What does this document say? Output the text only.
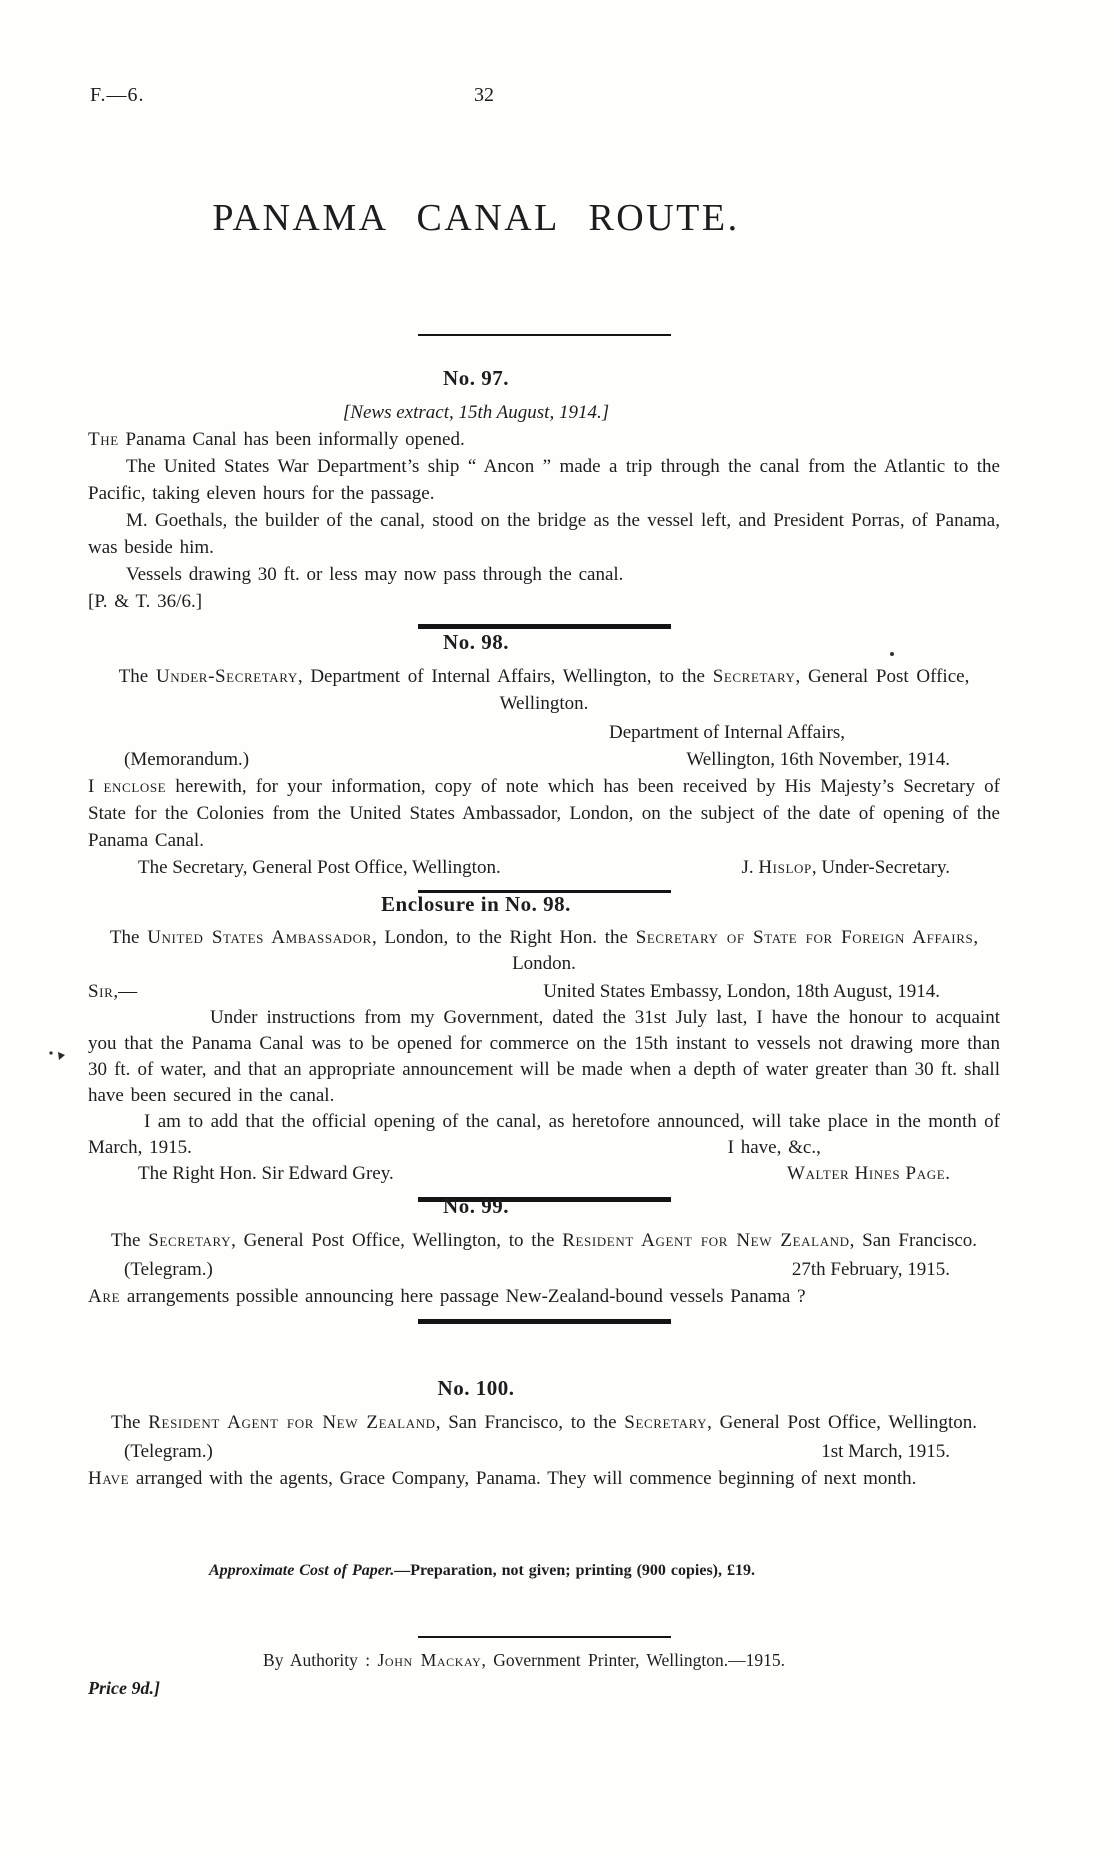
F.—6.	32
PANAMA CANAL ROUTE.
No. 97.
[News extract, 15th August, 1914.]

The Panama Canal has been informally opened.

The United States War Department’s ship “ Ancon ” made a trip through the canal from the Atlantic to the Pacific, taking eleven hours for the passage.

M. Goethals, the builder of the canal, stood on the bridge as the vessel left, and President Porras, of Panama, was beside him.

Vessels drawing 30 ft. or less may now pass through the canal.

[P. & T. 36/6.]

No. 98.
The Under-Secretary, Department of Internal Affairs, Wellington, to the Secretary, General Post Office, Wellington.
Department of Internal Affairs,
(Memorandum.)	Wellington, 16th November, 1914.

I enclose herewith, for your information, copy of note which has been received by His Majesty’s Secretary of State for the Colonies from the United States Ambassador, London, on the subject of the date of opening of the Panama Canal.

The Secretary, General Post Office, Wellington.	J. Hislop, Under-Secretary.
Enclosure in No. 98.
The United States Ambassador, London, to the Right Hon. the Secretary of State for Foreign Affairs, London.
Sir,—	United States Embassy, London, 18th August, 1914.

Under instructions from my Government, dated the 31st July last, I have the honour to acquaint you that the Panama Canal was to be opened for commerce on the 15th instant to vessels not drawing more than 30 ft. of water, and that an appropriate announcement will be made when a depth of water greater than 30 ft. shall have been secured in the canal.

I am to add that the official opening of the canal, as heretofore announced, will take place in the month of March, 1915.	I have, &c.,

The Right Hon. Sir Edward Grey.	Walter Hines Page.
No. 99.
The Secretary, General Post Office, Wellington, to the Resident Agent for New Zealand, San Francisco.
(Telegram.)	27th February, 1915.

Are arrangements possible announcing here passage New-Zealand-bound vessels Panama ?

No. 100.
The Resident Agent for New Zealand, San Francisco, to the Secretary, General Post Office, Wellington.
(Telegram.)	1st March, 1915.

Have arranged with the agents, Grace Company, Panama. They will commence beginning of next month.

Approximate Cost of Paper.—Preparation, not given; printing (900 copies), £19.
By Authority : John Mackay, Government Printer, Wellington.—1915.
Price 9d.]
